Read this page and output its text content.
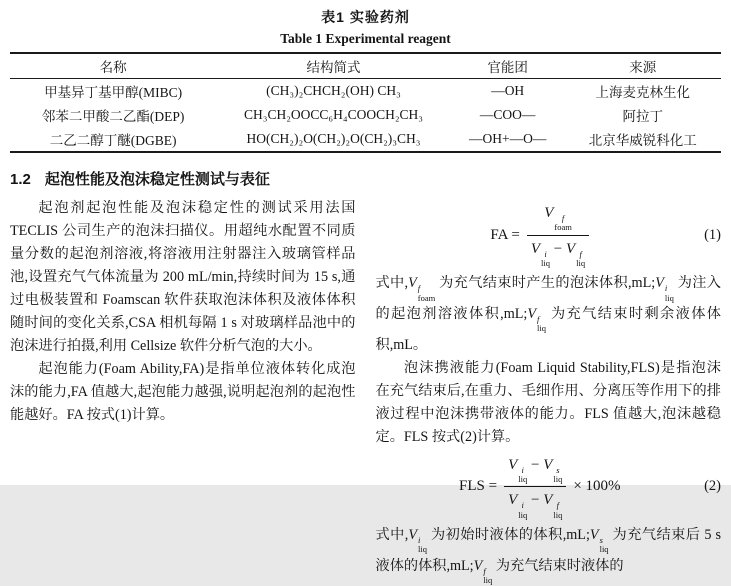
表1 实验药剂
Table 1 Experimental reagent
名称	结构简式	官能团	来源
甲基异丁基甲醇(MIBC)	(CH₃)₂CHCH₂(OH) CH₃	—OH	上海麦克林生化
邻苯二甲酸二乙酯(DEP)	CH₃CH₂OOCC₆H₄COOCH₂CH₃	—COO—	阿拉丁
二乙二醇丁醚(DGBE)	HO(CH₂)₂O(CH₂)₂O(CH₂)₃CH₃	—OH+—O—	北京华威锐科化工
1.2 起泡性能及泡沫稳定性测试与表征

起泡剂起泡性能及泡沫稳定性的测试采用法国 TECLIS 公司生产的泡沫扫描仪。用超纯水配置不同质量分数的起泡剂溶液,将溶液用注射器注入玻璃管样品池,设置充气气体流量为 200 mL/min,持续时间为 15 s,通过电极装置和 Foamscan 软件获取泡沫体积及液体体积随时间的变化关系,CSA 相机每隔 1 s 对玻璃样品池中的泡沫进行拍摄,利用 Cellsize 软件分析气泡的大小。

起泡能力(Foam Ability,FA)是指单位液体转化成泡沫的能力,FA 值越大,起泡能力越强,说明起泡剂的起泡性能越好。FA 按式(1)计算。

FA = V	f
foam
V i
liq
− V f
liq	(1)

式中,V f
foam
为充气结束时产生的泡沫体积,mL;V i
liq
为注入的起泡剂溶液体积,mL;V f
liq
为充气结束时剩余液体体积,mL。

泡沫携液能力(Foam Liquid Stability,FLS)是指泡沫在充气结束后,在重力、毛细作用、分离压等作用下的排液过程中泡沫携带液体的能力。FLS 值越大,泡沫越稳定。FLS 按式(2)计算。

FLS = V i
liq
− V s
liq
V i
liq
− V f
liq × 100%	(2)

式中,V i
liq
为初始时液体的体积,mL;V s
liq
为充气结束后 5 s 液体的体积,mL;V f
liq
为充气结束时液体的
